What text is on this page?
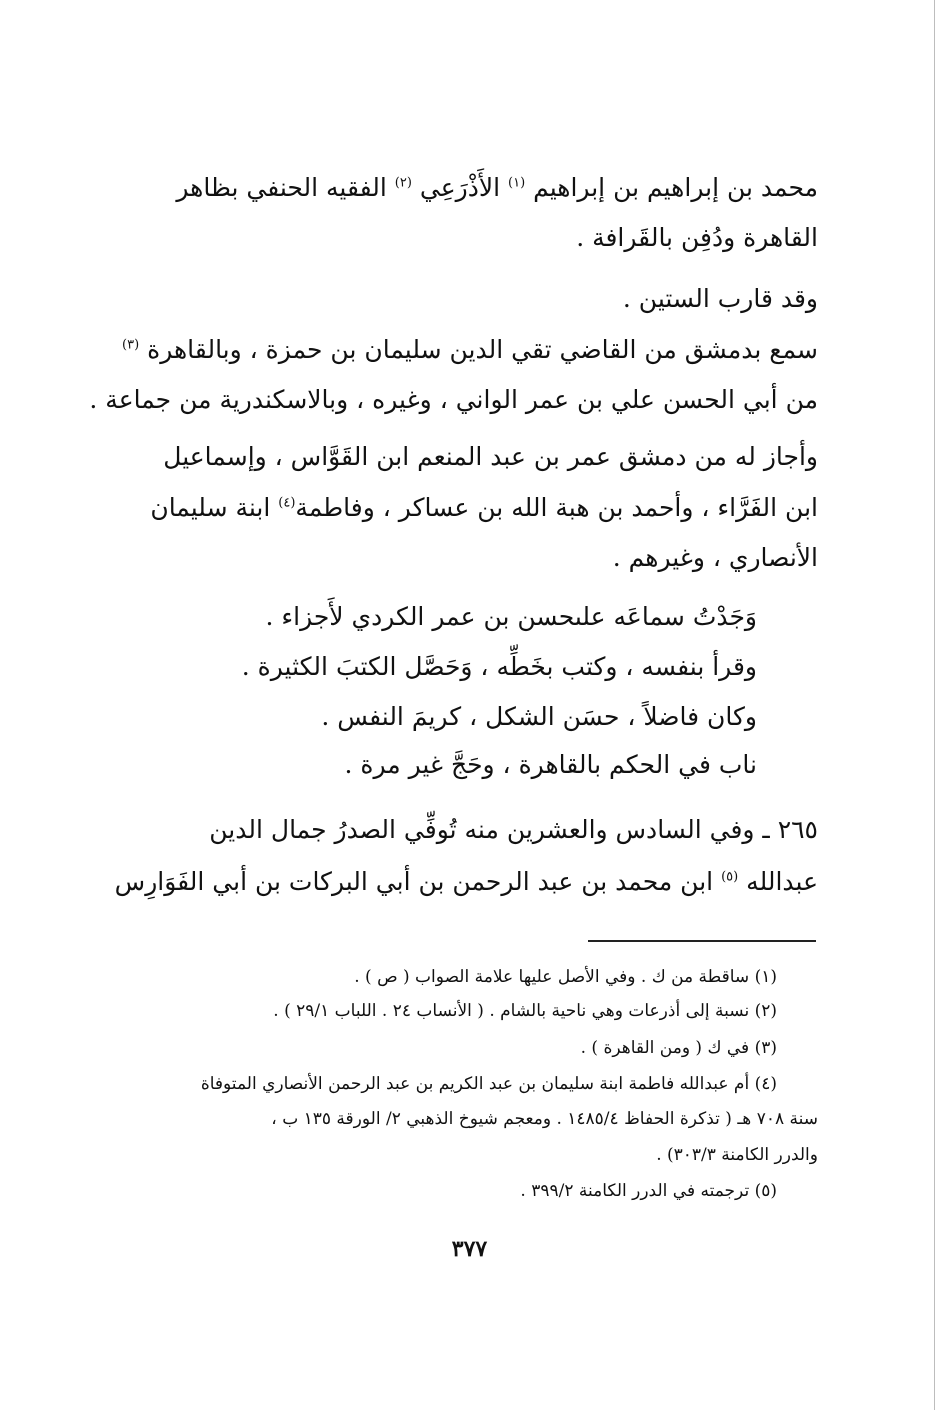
محمد بن إبراهيم بن إبراهيم $^{(١)}$ الأَذْرَعِي $^{(٢)}$ الفقيه الحنفي بظاهر
القاهرة ودُفِن بالقَرافة .
وقد قارب الستين .
سمع بدمشق من القاضي تقي الدين سليمان بن حمزة ، وبالقاهرة $^{(٣)}$
من أبي الحسن علي بن عمر الواني ، وغيره ، وبالاسكندرية من جماعة .
وأجاز له من دمشق عمر بن عبد المنعم ابن القَوَّاس ، وإسماعيل
ابن الفَرَّاء ، وأحمد بن هبة الله بن عساكر ، وفاطمة$^{(٤)}$ ابنة سليمان
الأنصاري ، وغيرهم .
وَجَدْتُ سماعَه علىحسن بن عمر الكردي لأَجزاء .
وقرأ بنفسه ، وكتب بخَطِّه ، وَحَصَّل الكتبَ الكثيرة .
وكان فاضلاً ، حسَن الشكل ، كريمَ النفس .
ناب في الحكم بالقاهرة ، وحَجَّ غير مرة .
٢٦٥ ـ وفي السادس والعشرين منه تُوفِّي الصدرُ جمال الدين
عبدالله $^{(٥)}$ ابن محمد بن عبد الرحمن بن أبي البركات بن أبي الفَوَارِس
(١) ساقطة من ك . وفي الأصل عليها علامة الصواب ( ص ) .
(٢) نسبة إلى أذرعات وهي ناحية بالشام . ( الأنساب ٢٤ . اللباب ٢٩/١ ) .
(٣) في ك ( ومن القاهرة ) .
(٤) أم عبدالله فاطمة ابنة سليمان بن عبد الكريم بن عبد الرحمن الأنصاري المتوفاة
سنة ٧٠٨ هـ ( تذكرة الحفاظ ١٤٨٥/٤ . ومعجم شيوخ الذهبي ٢/ الورقة ١٣٥ ب ،
والدرر الكامنة ٣٠٣/٣) .
(٥) ترجمته في الدرر الكامنة ٣٩٩/٢ .
٣٧٧
